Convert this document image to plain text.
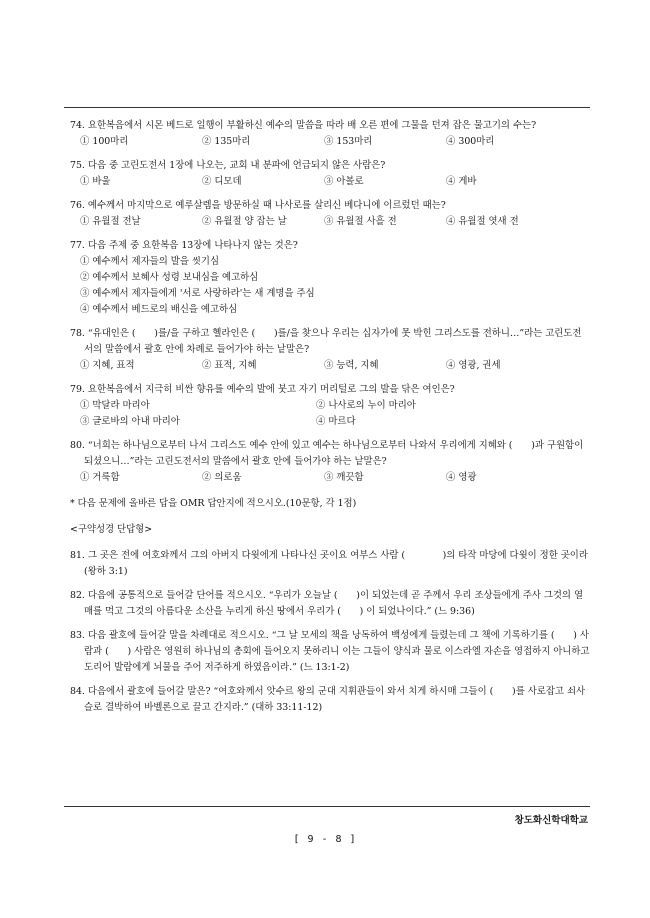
74. 요한복음에서 시몬 베드로 일행이 부활하신 예수의 말씀을 따라 배 오른 편에 그물을 던져 잡은 물고기의 수는?
① 100마리	② 135마리	③ 153마리	④ 300마리
75. 다음 중 고린도전서 1장에 나오는, 교회 내 분파에 언급되지 않은 사람은?
① 바울	② 디모데	③ 아볼로	④ 게바
76. 예수께서 마지막으로 예루살렘을 방문하실 때 나사로를 살리신 베다니에 이르렀던 때는?
① 유월절 전날	② 유월절 양 잡는 날	③ 유월절 사흘 전	④ 유월절 엿새 전
77. 다음 주제 중 요한복음 13장에 나타나지 않는 것은?
① 예수께서 제자들의 발을 씻기심
② 예수께서 보혜사 성령 보내심을 예고하심
③ 예수께서 제자들에게 '서로 사랑하라'는 새 계명을 주심
④ 예수께서 베드로의 배신을 예고하심
78. “유대인은 (　　)를/을 구하고 헬라인은 (　　)를/을 찾으나 우리는 십자가에 못 박힌 그리스도를 전하니…”라는 고린도전서의 말씀에서 괄호 안에 차례로 들어가야 하는 낱말은?
① 지혜, 표적	② 표적, 지혜	③ 능력, 지혜	④ 영광, 권세
79. 요한복음에서 지극히 비싼 향유를 예수의 발에 붓고 자기 머리털로 그의 발을 닦은 여인은?
① 막달라 마리아	② 나사로의 누이 마리아
③ 글로바의 아내 마리아	④ 마르다
80. “너희는 하나님으로부터 나서 그리스도 예수 안에 있고 예수는 하나님으로부터 나와서 우리에게 지혜와 (　　)과 구원함이 되셨으니…”라는 고린도전서의 말씀에서 괄호 안에 들어가야 하는 낱말은?
① 거룩함	② 의로움	③ 깨끗함	④ 영광
* 다음 문제에 올바른 답을 OMR 답안지에 적으시오.(10문항, 각 1점)
<구약성경 단답형>
81. 그 곳은 전에 여호와께서 그의 아버지 다윗에게 나타나신 곳이요 여부스 사람 (　　　　)의 타작 마당에 다윗이 정한 곳이라 (왕하 3:1)
82. 다음에 공통적으로 들어갈 단어를 적으시오. “우리가 오늘날 (　　)이 되었는데 곧 주께서 우리 조상들에게 주사 그것의 열매를 먹고 그것의 아름다운 소산을 누리게 하신 땅에서 우리가 (　　) 이 되었나이다.” (느 9:36)
83. 다음 괄호에 들어갈 말을 차례대로 적으시오. “그 날 모세의 책을 낭독하여 백성에게 들렸는데 그 책에 기록하기를 (　　) 사람과 (　　) 사람은 영원히 하나님의 총회에 들어오지 못하리니 이는 그들이 양식과 물로 이스라엘 자손을 영접하지 아니하고 도리어 발람에게 뇌물을 주어 저주하게 하였음이라.” (느 13:1-2)
84. 다음에서 괄호에 들어갈 말은? “여호와께서 앗수르 왕의 군대 지휘관들이 와서 치게 하시매 그들이 (　　)를 사로잡고 쇠사슬로 결박하여 바벨론으로 끌고 간지라.” (대하 33:11-12)
창도화신학대학교
[ 9 - 8 ]
